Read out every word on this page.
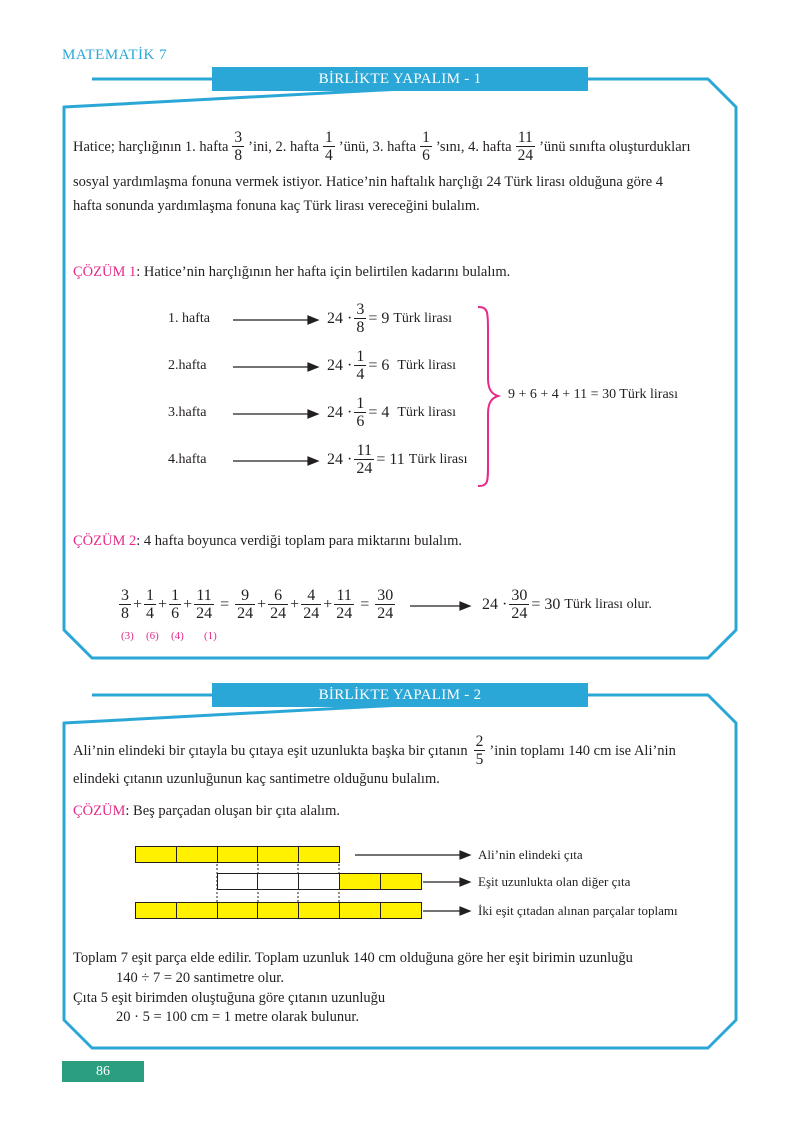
MATEMATİK 7
BİRLİKTE YAPALIM - 1
Hatice; harçlığının 1. hafta $\frac{3}{8}$ ’ini, 2. hafta $\frac{1}{4}$ ’ünü, 3. hafta $\frac{1}{6}$ ’sını, 4. hafta $\frac{11}{24}$ ’ünü sınıfta oluşturdukları
sosyal yardımlaşma fonuna vermek istiyor. Hatice’nin haftalık harçlığı 24 Türk lirası olduğuna göre 4
hafta sonunda yardımlaşma fonuna kaç Türk lirası vereceğini bulalım.
ÇÖZÜM 1: Hatice’nin harçlığının her hafta için belirtilen kadarını bulalım.
1. hafta
2.hafta
3.hafta
4.hafta
$24 \cdot \frac{3}{8} = 9$
Türk lirası
$24 \cdot \frac{1}{4} = 6$
Türk lirası
$24 \cdot \frac{1}{6} = 4$
Türk lirası
$24 \cdot \frac{11}{24} = 11$
Türk lirası
9 + 6 + 4 + 11 = 30 Türk lirası
ÇÖZÜM 2: 4 hafta boyunca verdiği toplam para miktarını bulalım.
$\frac{3}{8} + \frac{1}{4} + \frac{1}{6} + \frac{11}{24} = \frac{9}{24} + \frac{6}{24} + \frac{4}{24} + \frac{11}{24} = \frac{30}{24}$
(3) (6) (4) (1)
$24 \cdot \frac{30}{24} = 30$
Türk lirası olur.
BİRLİKTE YAPALIM - 2
Ali’nin elindeki bir çıtayla bu çıtaya eşit uzunlukta başka bir çıtanın $\frac{2}{5}$ ’inin toplamı 140 cm ise Ali’nin
elindeki çıtanın uzunluğunun kaç santimetre olduğunu bulalım.
ÇÖZÜM: Beş parçadan oluşan bir çıta alalım.
Ali’nin elindeki çıta
Eşit uzunlukta olan diğer çıta
İki eşit çıtadan alınan parçalar toplamı
Toplam 7 eşit parça elde edilir. Toplam uzunluk 140 cm olduğuna göre her eşit birimin uzunluğu
140 ÷ 7 = 20 santimetre olur.
Çıta 5 eşit birimden oluştuğuna göre çıtanın uzunluğu
20 · 5 = 100 cm = 1 metre olarak bulunur.
86
